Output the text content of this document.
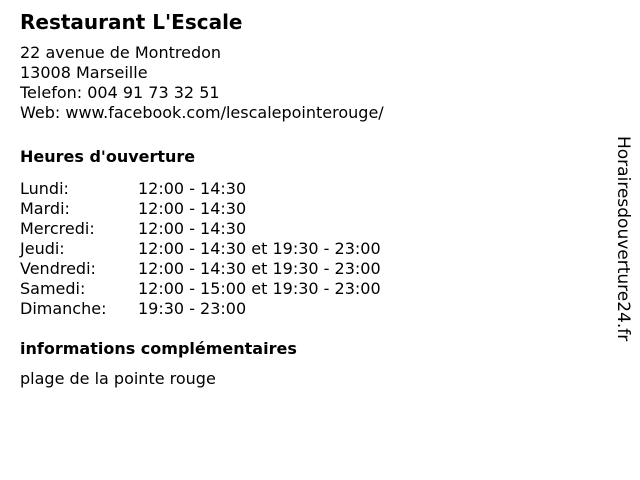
Restaurant L'Escale
22 avenue de Montredon
13008 Marseille
Telefon: 004 91 73 32 51
Web: www.facebook.com/lescalepointerouge/
Heures d'ouverture
Lundi:	12:00 - 14:30
Mardi:	12:00 - 14:30
Mercredi:	12:00 - 14:30
Jeudi:	12:00 - 14:30 et 19:30 - 23:00
Vendredi:	12:00 - 14:30 et 19:30 - 23:00
Samedi:	12:00 - 15:00 et 19:30 - 23:00
Dimanche:	19:30 - 23:00
informations complémentaires
plage de la pointe rouge
Horairesdouverture24.fr
